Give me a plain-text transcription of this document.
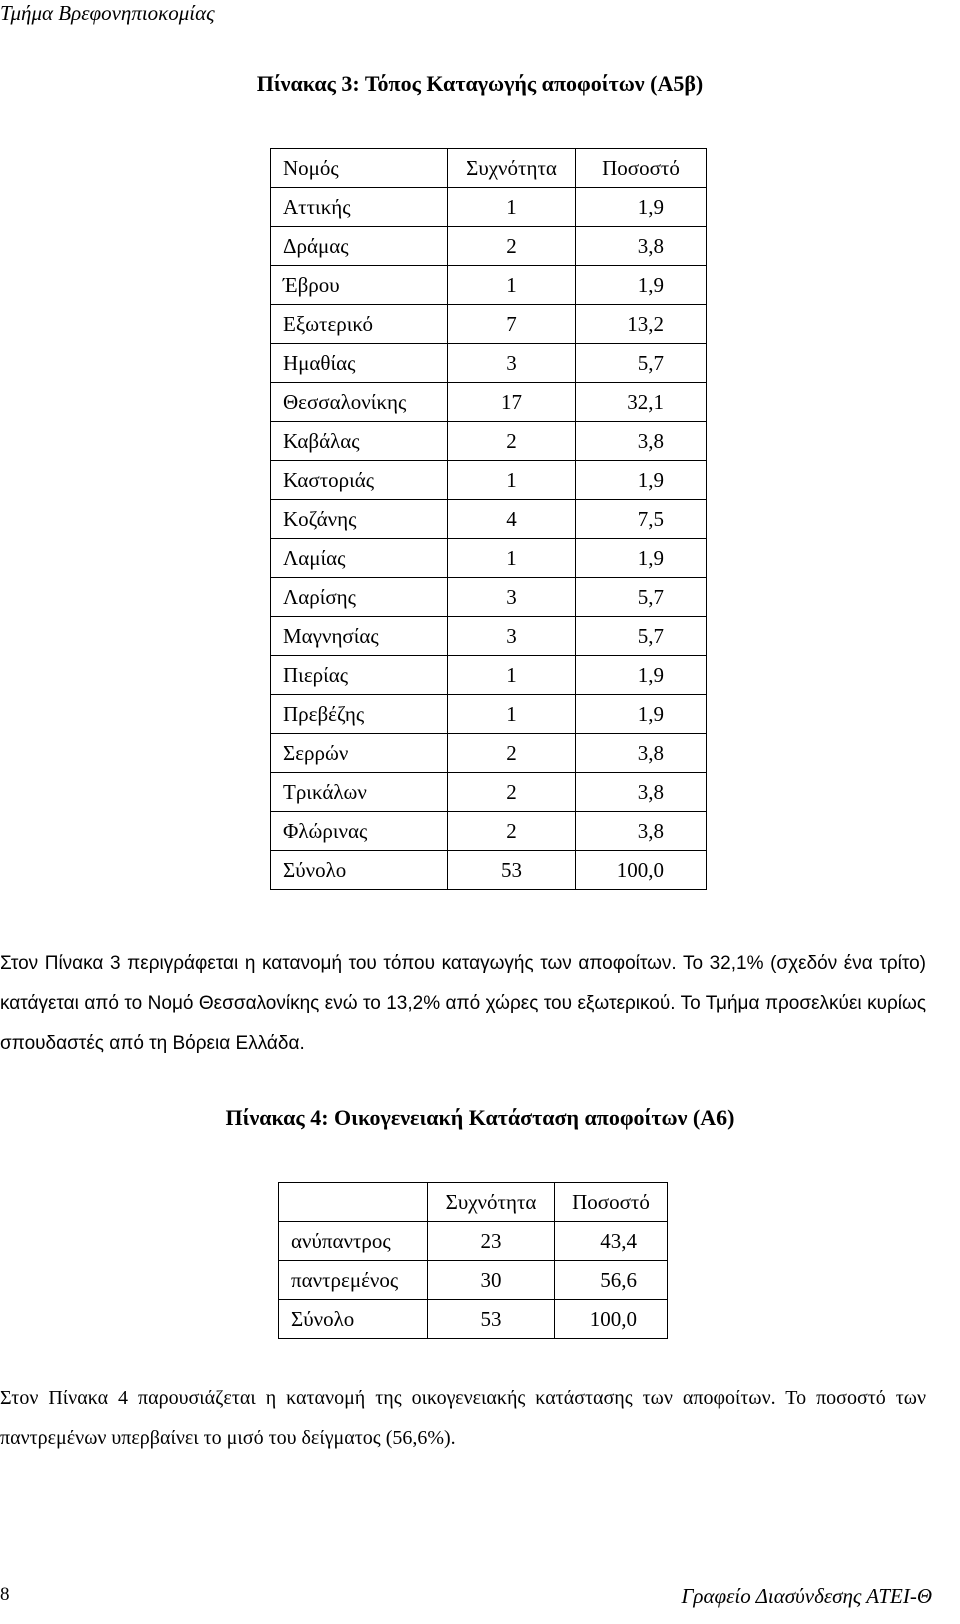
Τμήμα Βρεφονηπιοκομίας
Πίνακας 3: Τόπος Καταγωγής αποφοίτων (Α5β)
Νομός	Συχνότητα	Ποσοστό
Αττικής	1	1,9
Δράμας	2	3,8
Έβρου	1	1,9
Εξωτερικό	7	13,2
Ημαθίας	3	5,7
Θεσσαλονίκης	17	32,1
Καβάλας	2	3,8
Καστοριάς	1	1,9
Κοζάνης	4	7,5
Λαμίας	1	1,9
Λαρίσης	3	5,7
Μαγνησίας	3	5,7
Πιερίας	1	1,9
Πρεβέζης	1	1,9
Σερρών	2	3,8
Τρικάλων	2	3,8
Φλώρινας	2	3,8
Σύνολο	53	100,0
Στον Πίνακα 3 περιγράφεται η κατανομή του τόπου καταγωγής των αποφοίτων. Το 32,1% (σχεδόν ένα τρίτο) κατάγεται από το Νομό Θεσσαλονίκης ενώ το 13,2% από χώρες του εξωτερικού. Το Τμήμα προσελκύει κυρίως σπουδαστές από τη Βόρεια Ελλάδα.
Πίνακας 4: Οικογενειακή Κατάσταση αποφοίτων (Α6)
	Συχνότητα	Ποσοστό
ανύπαντρος	23	43,4
παντρεμένος	30	56,6
Σύνολο	53	100,0
Στον Πίνακα 4 παρουσιάζεται η κατανομή της οικογενειακής κατάστασης των αποφοίτων. Το ποσοστό των παντρεμένων υπερβαίνει το μισό του δείγματος (56,6%).
8	Γραφείο Διασύνδεσης ΑΤΕΙ-Θ
